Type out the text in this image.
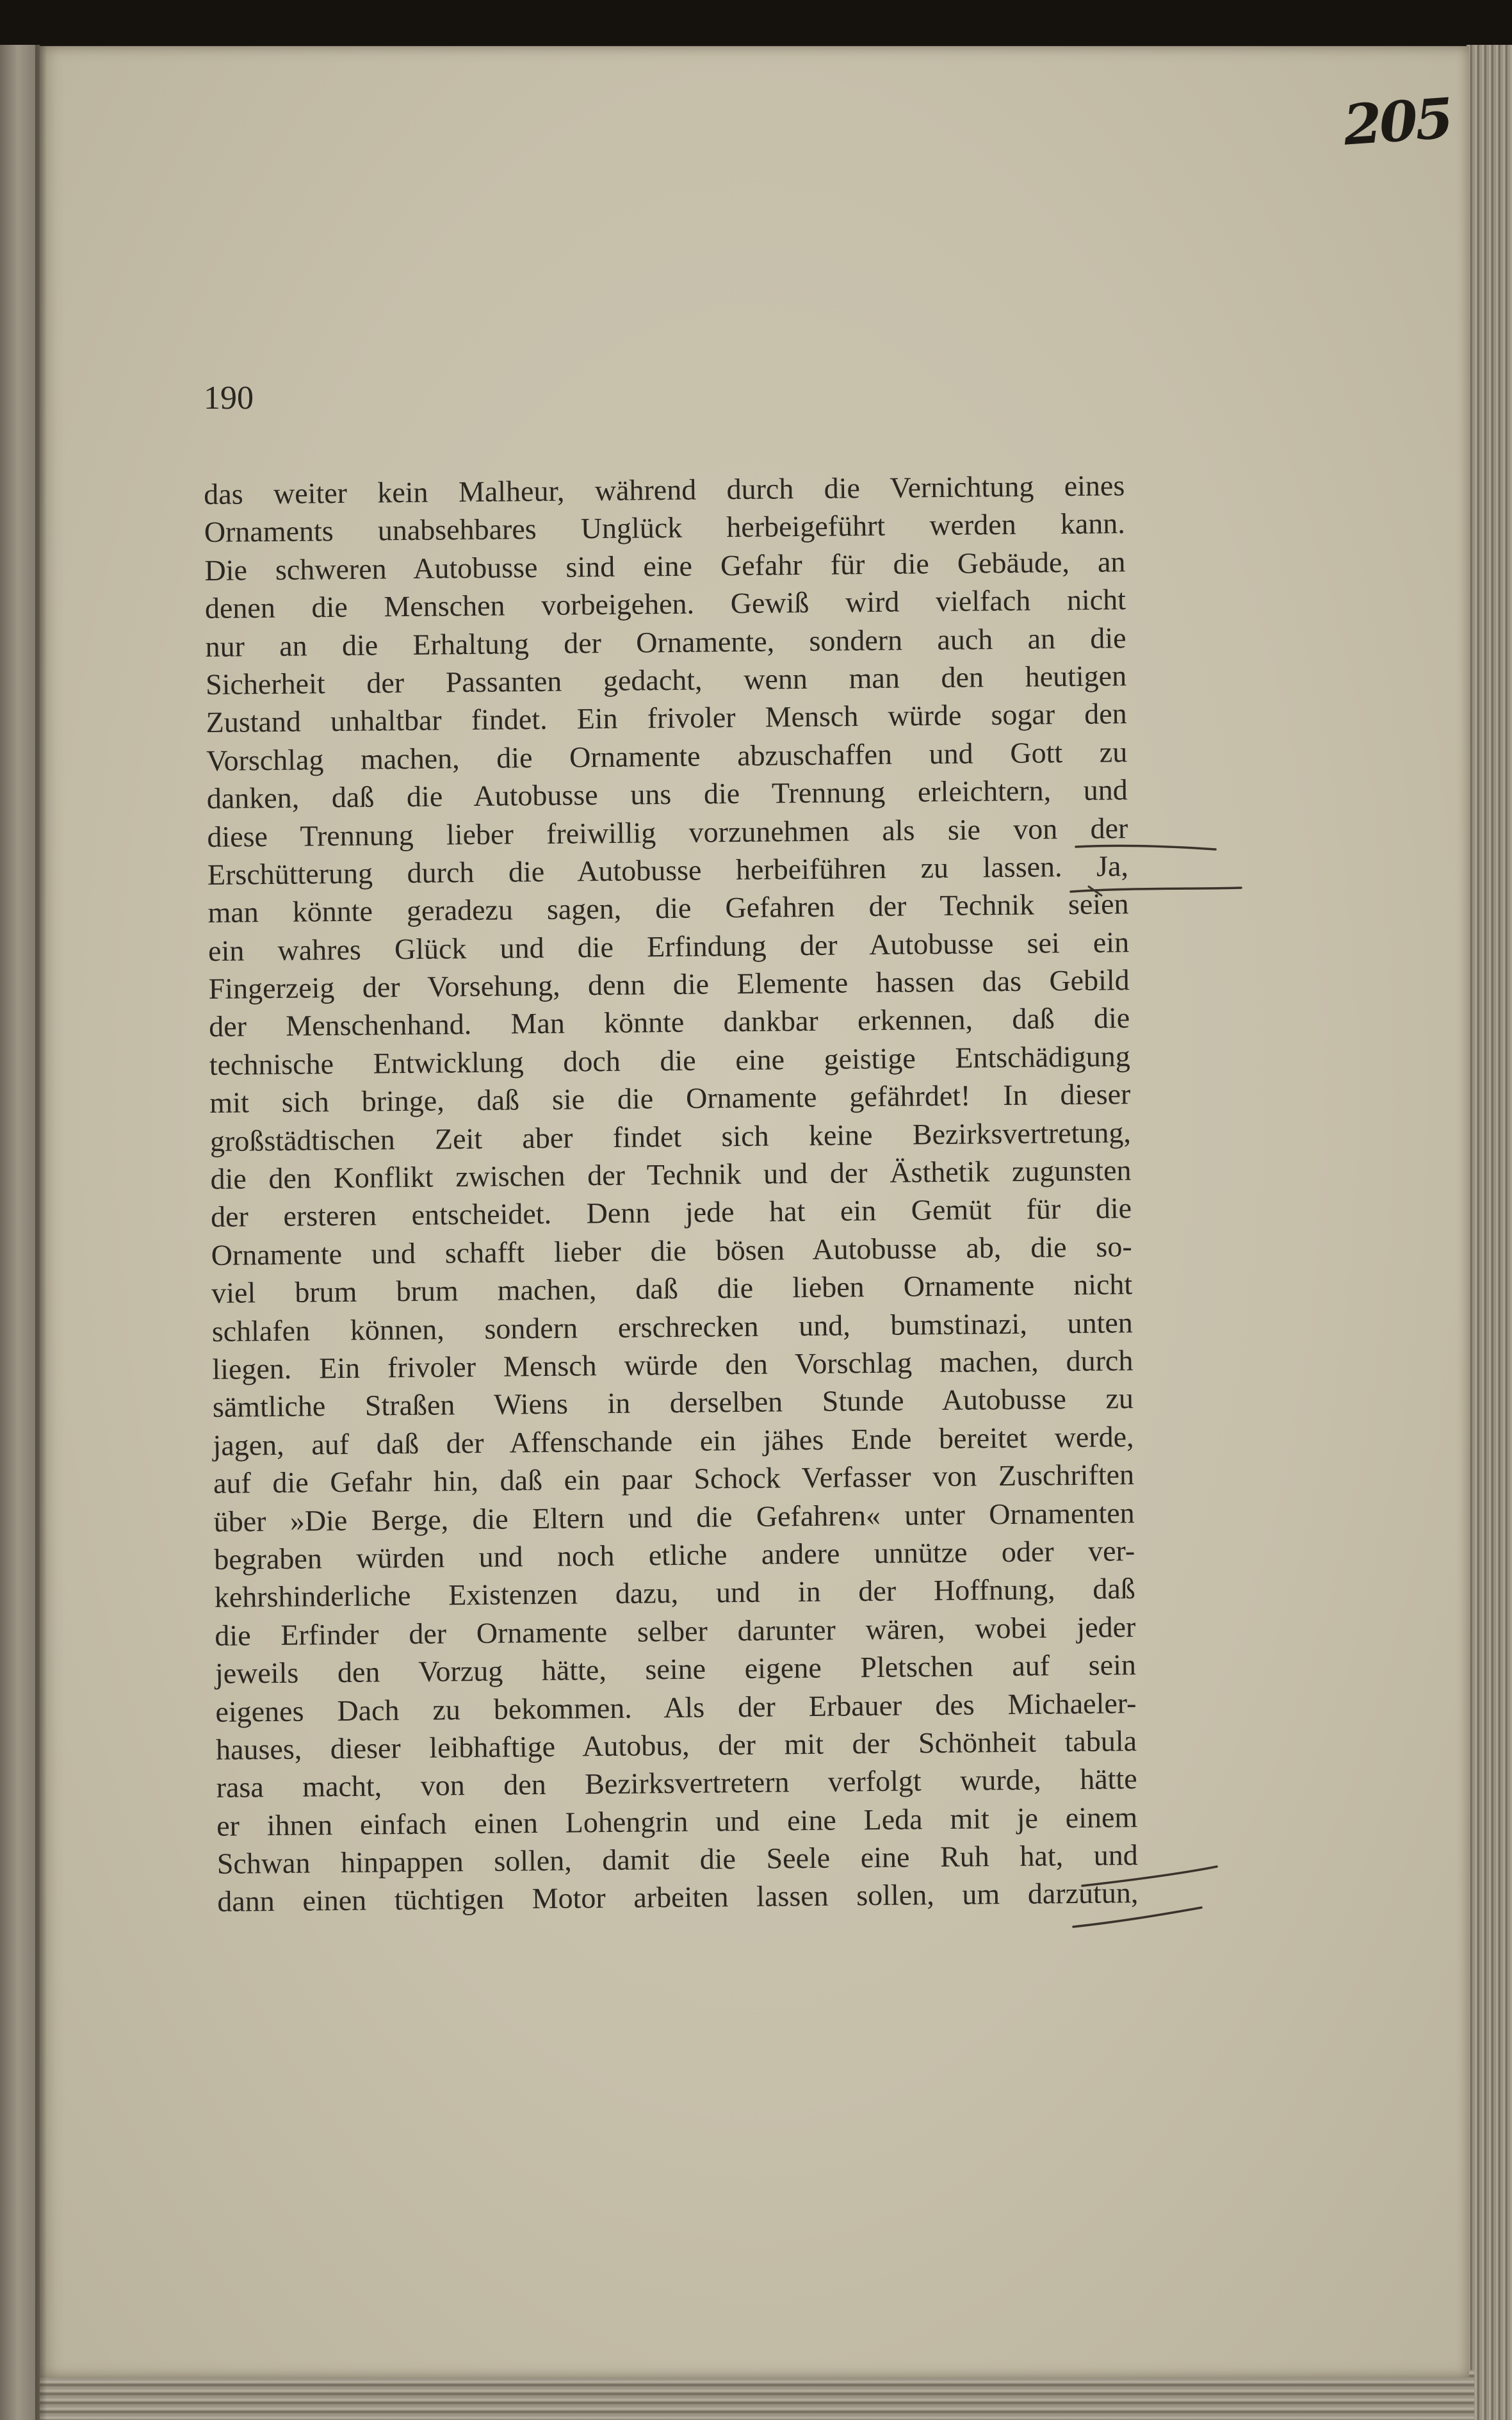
205
190
das weiter kein Malheur, während durch die Vernichtung eines
Ornaments unabsehbares Unglück herbeigeführt werden kann.
Die schweren Autobusse sind eine Gefahr für die Gebäude, an
denen die Menschen vorbeigehen. Gewiß wird vielfach nicht
nur an die Erhaltung der Ornamente, sondern auch an die
Sicherheit der Passanten gedacht, wenn man den heutigen
Zustand unhaltbar findet. Ein frivoler Mensch würde sogar den
Vorschlag machen, die Ornamente abzuschaffen und Gott zu
danken, daß die Autobusse uns die Trennung erleichtern, und
diese Trennung lieber freiwillig vorzunehmen als sie von der
Erschütterung durch die Autobusse herbeiführen zu lassen. Ja,
man könnte geradezu sagen, die Gefahren der Technik seien
ein wahres Glück und die Erfindung der Autobusse sei ein
Fingerzeig der Vorsehung, denn die Elemente hassen das Gebild
der Menschenhand. Man könnte dankbar erkennen, daß die
technische Entwicklung doch die eine geistige Entschädigung
mit sich bringe, daß sie die Ornamente gefährdet! In dieser
großstädtischen Zeit aber findet sich keine Bezirksvertretung,
die den Konflikt zwischen der Technik und der Ästhetik zugunsten
der ersteren entscheidet. Denn jede hat ein Gemüt für die
Ornamente und schafft lieber die bösen Autobusse ab, die so-
viel brum brum machen, daß die lieben Ornamente nicht
schlafen können, sondern erschrecken und, bumstinazi, unten
liegen. Ein frivoler Mensch würde den Vorschlag machen, durch
sämtliche Straßen Wiens in derselben Stunde Autobusse zu
jagen, auf daß der Affenschande ein jähes Ende bereitet werde,
auf die Gefahr hin, daß ein paar Schock Verfasser von Zuschriften
über »Die Berge, die Eltern und die Gefahren« unter Ornamenten
begraben würden und noch etliche andere unnütze oder ver-
kehrshinderliche Existenzen dazu, und in der Hoffnung, daß
die Erfinder der Ornamente selber darunter wären, wobei jeder
jeweils den Vorzug hätte, seine eigene Pletschen auf sein
eigenes Dach zu bekommen. Als der Erbauer des Michaeler-
hauses, dieser leibhaftige Autobus, der mit der Schönheit tabula
rasa macht, von den Bezirksvertretern verfolgt wurde, hätte
er ihnen einfach einen Lohengrin und eine Leda mit je einem
Schwan hinpappen sollen, damit die Seele eine Ruh hat, und
dann einen tüchtigen Motor arbeiten lassen sollen, um darzutun,
